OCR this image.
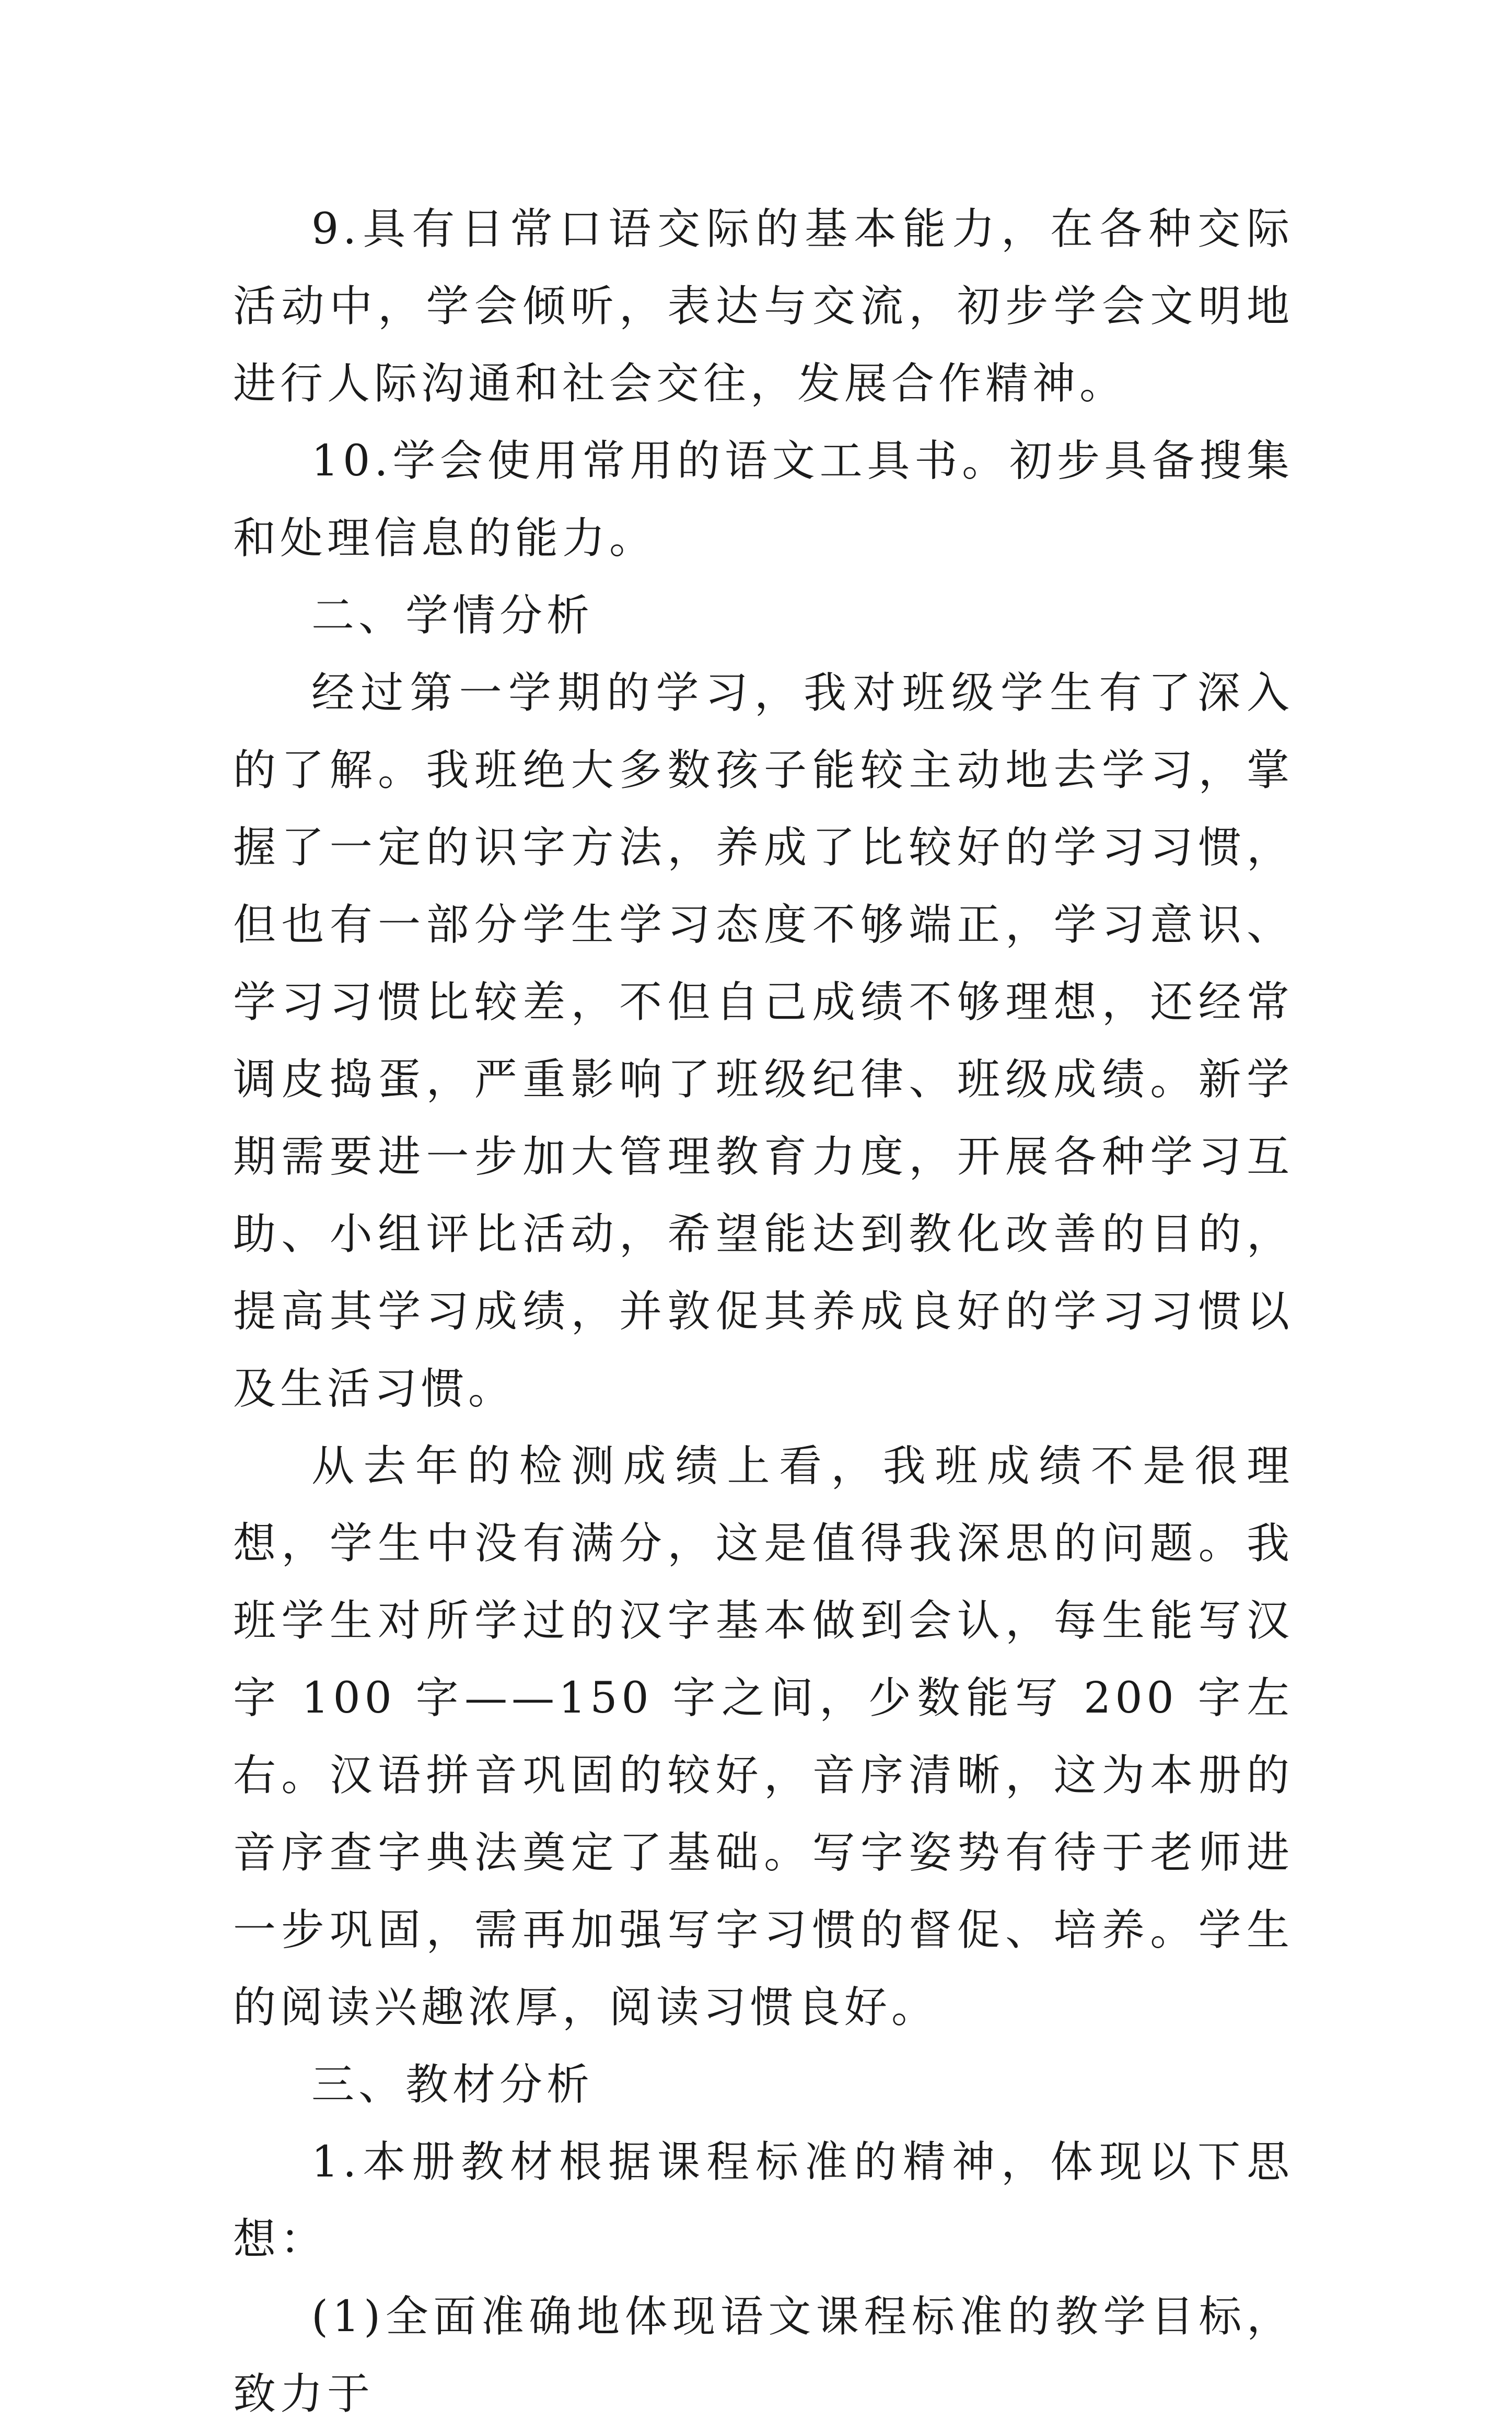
9.具有日常口语交际的基本能力，在各种交际活动中，学会倾听，表达与交流，初步学会文明地进行人际沟通和社会交往，发展合作精神。

10.学会使用常用的语文工具书。初步具备搜集和处理信息的能力。

二、学情分析

经过第一学期的学习，我对班级学生有了深入的了解。我班绝大多数孩子能较主动地去学习，掌握了一定的识字方法，养成了比较好的学习习惯，但也有一部分学生学习态度不够端正，学习意识、学习习惯比较差，不但自己成绩不够理想，还经常调皮捣蛋，严重影响了班级纪律、班级成绩。新学期需要进一步加大管理教育力度，开展各种学习互助、小组评比活动，希望能达到教化改善的目的，提高其学习成绩，并敦促其养成良好的学习习惯以及生活习惯。

从去年的检测成绩上看，我班成绩不是很理想，学生中没有满分，这是值得我深思的问题。我班学生对所学过的汉字基本做到会认，每生能写汉字 100 字——150 字之间，少数能写 200 字左右。汉语拼音巩固的较好，音序清晰，这为本册的音序查字典法奠定了基础。写字姿势有待于老师进一步巩固，需再加强写字习惯的督促、培养。学生的阅读兴趣浓厚，阅读习惯良好。

三、教材分析

1.本册教材根据课程标准的精神，体现以下思想：

(1)全面准确地体现语文课程标准的教学目标，致力于
